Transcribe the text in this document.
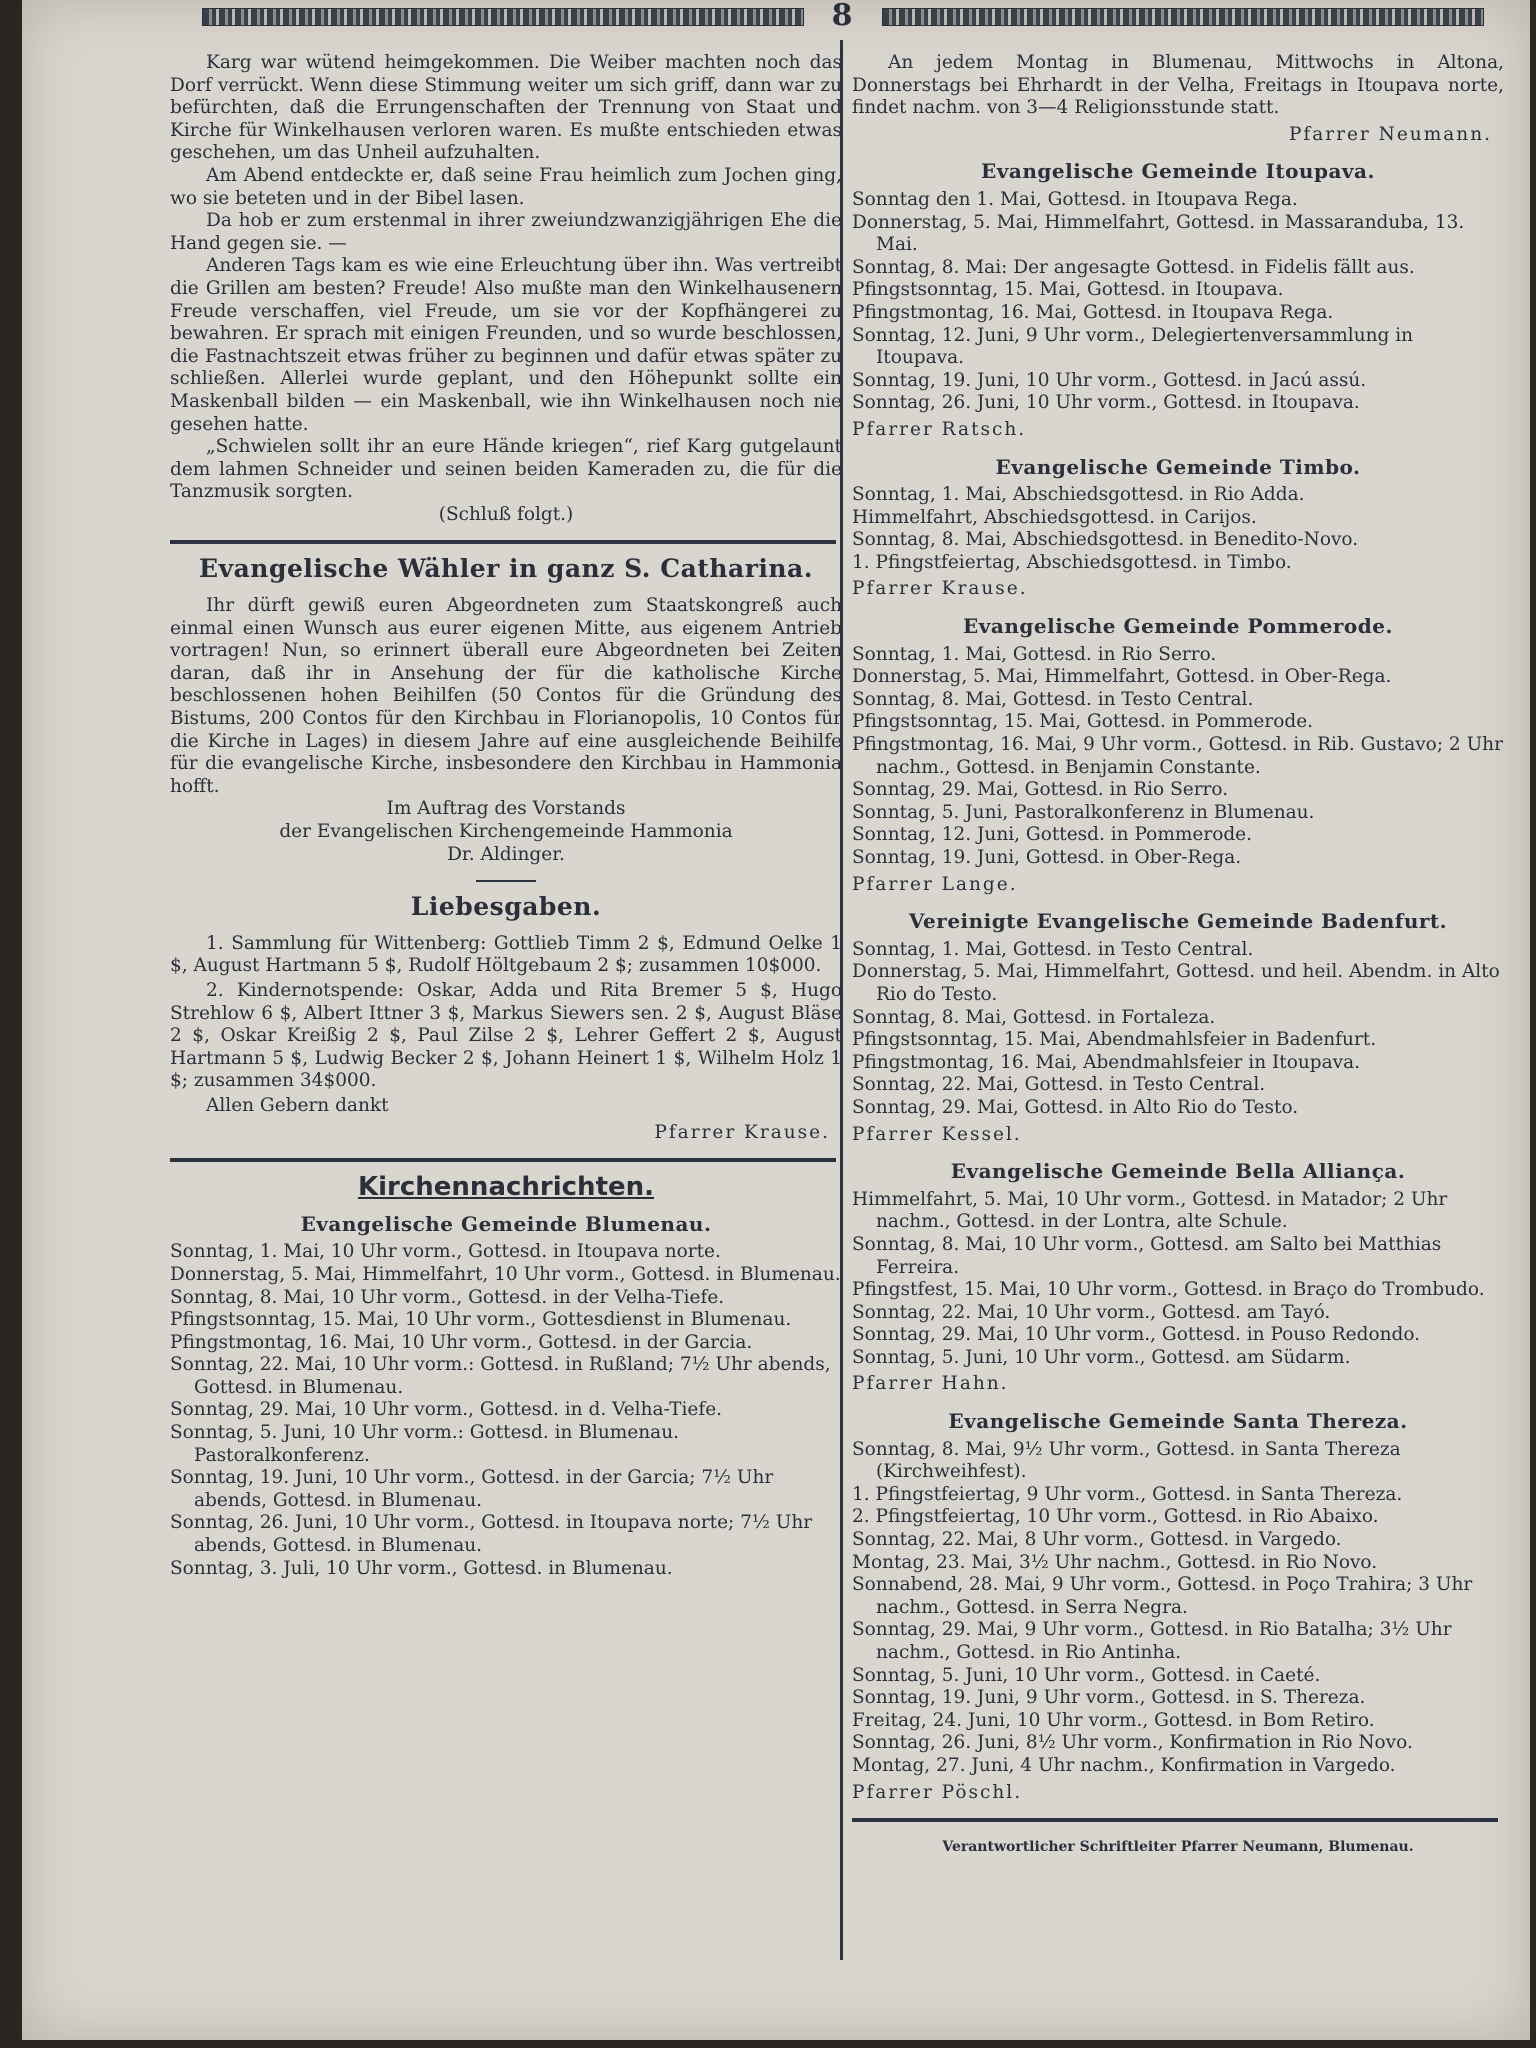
8

Karg war wütend heimgekommen. Die Weiber machten noch das Dorf verrückt. Wenn diese Stimmung weiter um sich griff, dann war zu befürchten, daß die Errungenschaften der Trennung von Staat und Kirche für Winkelhausen verloren waren. Es mußte entschieden etwas geschehen, um das Unheil aufzuhalten.

Am Abend entdeckte er, daß seine Frau heimlich zum Jochen ging, wo sie beteten und in der Bibel lasen.

Da hob er zum erstenmal in ihrer zweiundzwanzigjährigen Ehe die Hand gegen sie. —

Anderen Tags kam es wie eine Erleuchtung über ihn. Was vertreibt die Grillen am besten? Freude! Also mußte man den Winkelhausenern Freude verschaffen, viel Freude, um sie vor der Kopfhängerei zu bewahren. Er sprach mit einigen Freunden, und so wurde beschlossen, die Fastnachtszeit etwas früher zu beginnen und dafür etwas später zu schließen. Allerlei wurde geplant, und den Höhepunkt sollte ein Maskenball bilden — ein Maskenball, wie ihn Winkelhausen noch nie gesehen hatte.

„Schwielen sollt ihr an eure Hände kriegen“, rief Karg gutgelaunt dem lahmen Schneider und seinen beiden Kameraden zu, die für die Tanzmusik sorgten.

(Schluß folgt.)

Evangelische Wähler in ganz S. Catharina.

Ihr dürft gewiß euren Abgeordneten zum Staatskongreß auch einmal einen Wunsch aus eurer eigenen Mitte, aus eigenem Antrieb vortragen! Nun, so erinnert überall eure Abgeordneten bei Zeiten daran, daß ihr in Ansehung der für die katholische Kirche beschlossenen hohen Beihilfen (50 Contos für die Gründung des Bistums, 200 Contos für den Kirchbau in Florianopolis, 10 Contos für die Kirche in Lages) in diesem Jahre auf eine ausgleichende Beihilfe für die evangelische Kirche, insbesondere den Kirchbau in Hammonia hofft.

Im Auftrag des Vorstands

der Evangelischen Kirchengemeinde Hammonia

Dr. Aldinger.

Liebesgaben.

1. Sammlung für Wittenberg: Gottlieb Timm 2 $, Edmund Oelke 1 $, August Hartmann 5 $, Rudolf Höltgebaum 2 $; zusammen 10$000.

2. Kindernotspende: Oskar, Adda und Rita Bremer 5 $, Hugo Strehlow 6 $, Albert Ittner 3 $, Markus Siewers sen. 2 $, August Bläse 2 $, Oskar Kreißig 2 $, Paul Zilse 2 $, Lehrer Geffert 2 $, August Hartmann 5 $, Ludwig Becker 2 $, Johann Heinert 1 $, Wilhelm Holz 1 $; zusammen 34$000.

Allen Gebern dankt

Pfarrer Krause.

Kirchennachrichten.
Evangelische Gemeinde Blumenau.

Sonntag, 1. Mai, 10 Uhr vorm., Gottesd. in Itoupava norte.

Donnerstag, 5. Mai, Himmelfahrt, 10 Uhr vorm., Gottesd. in Blumenau.

Sonntag, 8. Mai, 10 Uhr vorm., Gottesd. in der Velha-Tiefe.

Pfingstsonntag, 15. Mai, 10 Uhr vorm., Gottesdienst in Blumenau.

Pfingstmontag, 16. Mai, 10 Uhr vorm., Gottesd. in der Garcia.

Sonntag, 22. Mai, 10 Uhr vorm.: Gottesd. in Rußland; 7½ Uhr abends, Gottesd. in Blumenau.

Sonntag, 29. Mai, 10 Uhr vorm., Gottesd. in d. Velha-Tiefe.

Sonntag, 5. Juni, 10 Uhr vorm.: Gottesd. in Blumenau. Pastoralkonferenz.

Sonntag, 19. Juni, 10 Uhr vorm., Gottesd. in der Garcia; 7½ Uhr abends, Gottesd. in Blumenau.

Sonntag, 26. Juni, 10 Uhr vorm., Gottesd. in Itoupava norte; 7½ Uhr abends, Gottesd. in Blumenau.

Sonntag, 3. Juli, 10 Uhr vorm., Gottesd. in Blumenau.

An jedem Montag in Blumenau, Mittwochs in Altona, Donnerstags bei Ehrhardt in der Velha, Freitags in Itoupava norte, findet nachm. von 3—4 Religionsstunde statt.

Pfarrer Neumann.

Evangelische Gemeinde Itoupava.

Sonntag den 1. Mai, Gottesd. in Itoupava Rega.

Donnerstag, 5. Mai, Himmelfahrt, Gottesd. in Massaranduba, 13. Mai.

Sonntag, 8. Mai: Der angesagte Gottesd. in Fidelis fällt aus.

Pfingstsonntag, 15. Mai, Gottesd. in Itoupava.

Pfingstmontag, 16. Mai, Gottesd. in Itoupava Rega.

Sonntag, 12. Juni, 9 Uhr vorm., Delegiertenversammlung in Itoupava.

Sonntag, 19. Juni, 10 Uhr vorm., Gottesd. in Jacú assú.

Sonntag, 26. Juni, 10 Uhr vorm., Gottesd. in Itoupava.

Pfarrer Ratsch.

Evangelische Gemeinde Timbo.

Sonntag, 1. Mai, Abschiedsgottesd. in Rio Adda.

Himmelfahrt, Abschiedsgottesd. in Carijos.

Sonntag, 8. Mai, Abschiedsgottesd. in Benedito-Novo.

1. Pfingstfeiertag, Abschiedsgottesd. in Timbo.

Pfarrer Krause.

Evangelische Gemeinde Pommerode.

Sonntag, 1. Mai, Gottesd. in Rio Serro.

Donnerstag, 5. Mai, Himmelfahrt, Gottesd. in Ober-Rega.

Sonntag, 8. Mai, Gottesd. in Testo Central.

Pfingstsonntag, 15. Mai, Gottesd. in Pommerode.

Pfingstmontag, 16. Mai, 9 Uhr vorm., Gottesd. in Rib. Gustavo; 2 Uhr nachm., Gottesd. in Benjamin Constante.

Sonntag, 29. Mai, Gottesd. in Rio Serro.

Sonntag, 5. Juni, Pastoralkonferenz in Blumenau.

Sonntag, 12. Juni, Gottesd. in Pommerode.

Sonntag, 19. Juni, Gottesd. in Ober-Rega.

Pfarrer Lange.

Vereinigte Evangelische Gemeinde Badenfurt.

Sonntag, 1. Mai, Gottesd. in Testo Central.

Donnerstag, 5. Mai, Himmelfahrt, Gottesd. und heil. Abendm. in Alto Rio do Testo.

Sonntag, 8. Mai, Gottesd. in Fortaleza.

Pfingstsonntag, 15. Mai, Abendmahlsfeier in Badenfurt.

Pfingstmontag, 16. Mai, Abendmahlsfeier in Itoupava.

Sonntag, 22. Mai, Gottesd. in Testo Central.

Sonntag, 29. Mai, Gottesd. in Alto Rio do Testo.

Pfarrer Kessel.

Evangelische Gemeinde Bella Alliança.

Himmelfahrt, 5. Mai, 10 Uhr vorm., Gottesd. in Matador; 2 Uhr nachm., Gottesd. in der Lontra, alte Schule.

Sonntag, 8. Mai, 10 Uhr vorm., Gottesd. am Salto bei Matthias Ferreira.

Pfingstfest, 15. Mai, 10 Uhr vorm., Gottesd. in Braço do Trombudo.

Sonntag, 22. Mai, 10 Uhr vorm., Gottesd. am Tayó.

Sonntag, 29. Mai, 10 Uhr vorm., Gottesd. in Pouso Redondo.

Sonntag, 5. Juni, 10 Uhr vorm., Gottesd. am Südarm.

Pfarrer Hahn.

Evangelische Gemeinde Santa Thereza.

Sonntag, 8. Mai, 9½ Uhr vorm., Gottesd. in Santa Thereza (Kirchweihfest).

1. Pfingstfeiertag, 9 Uhr vorm., Gottesd. in Santa Thereza.

2. Pfingstfeiertag, 10 Uhr vorm., Gottesd. in Rio Abaixo.

Sonntag, 22. Mai, 8 Uhr vorm., Gottesd. in Vargedo.

Montag, 23. Mai, 3½ Uhr nachm., Gottesd. in Rio Novo.

Sonnabend, 28. Mai, 9 Uhr vorm., Gottesd. in Poço Trahira; 3 Uhr nachm., Gottesd. in Serra Negra.

Sonntag, 29. Mai, 9 Uhr vorm., Gottesd. in Rio Batalha; 3½ Uhr nachm., Gottesd. in Rio Antinha.

Sonntag, 5. Juni, 10 Uhr vorm., Gottesd. in Caeté.

Sonntag, 19. Juni, 9 Uhr vorm., Gottesd. in S. Thereza.

Freitag, 24. Juni, 10 Uhr vorm., Gottesd. in Bom Retiro.

Sonntag, 26. Juni, 8½ Uhr vorm., Konfirmation in Rio Novo.

Montag, 27. Juni, 4 Uhr nachm., Konfirmation in Vargedo.

Pfarrer Pöschl.

Verantwortlicher Schriftleiter Pfarrer Neumann, Blumenau.
